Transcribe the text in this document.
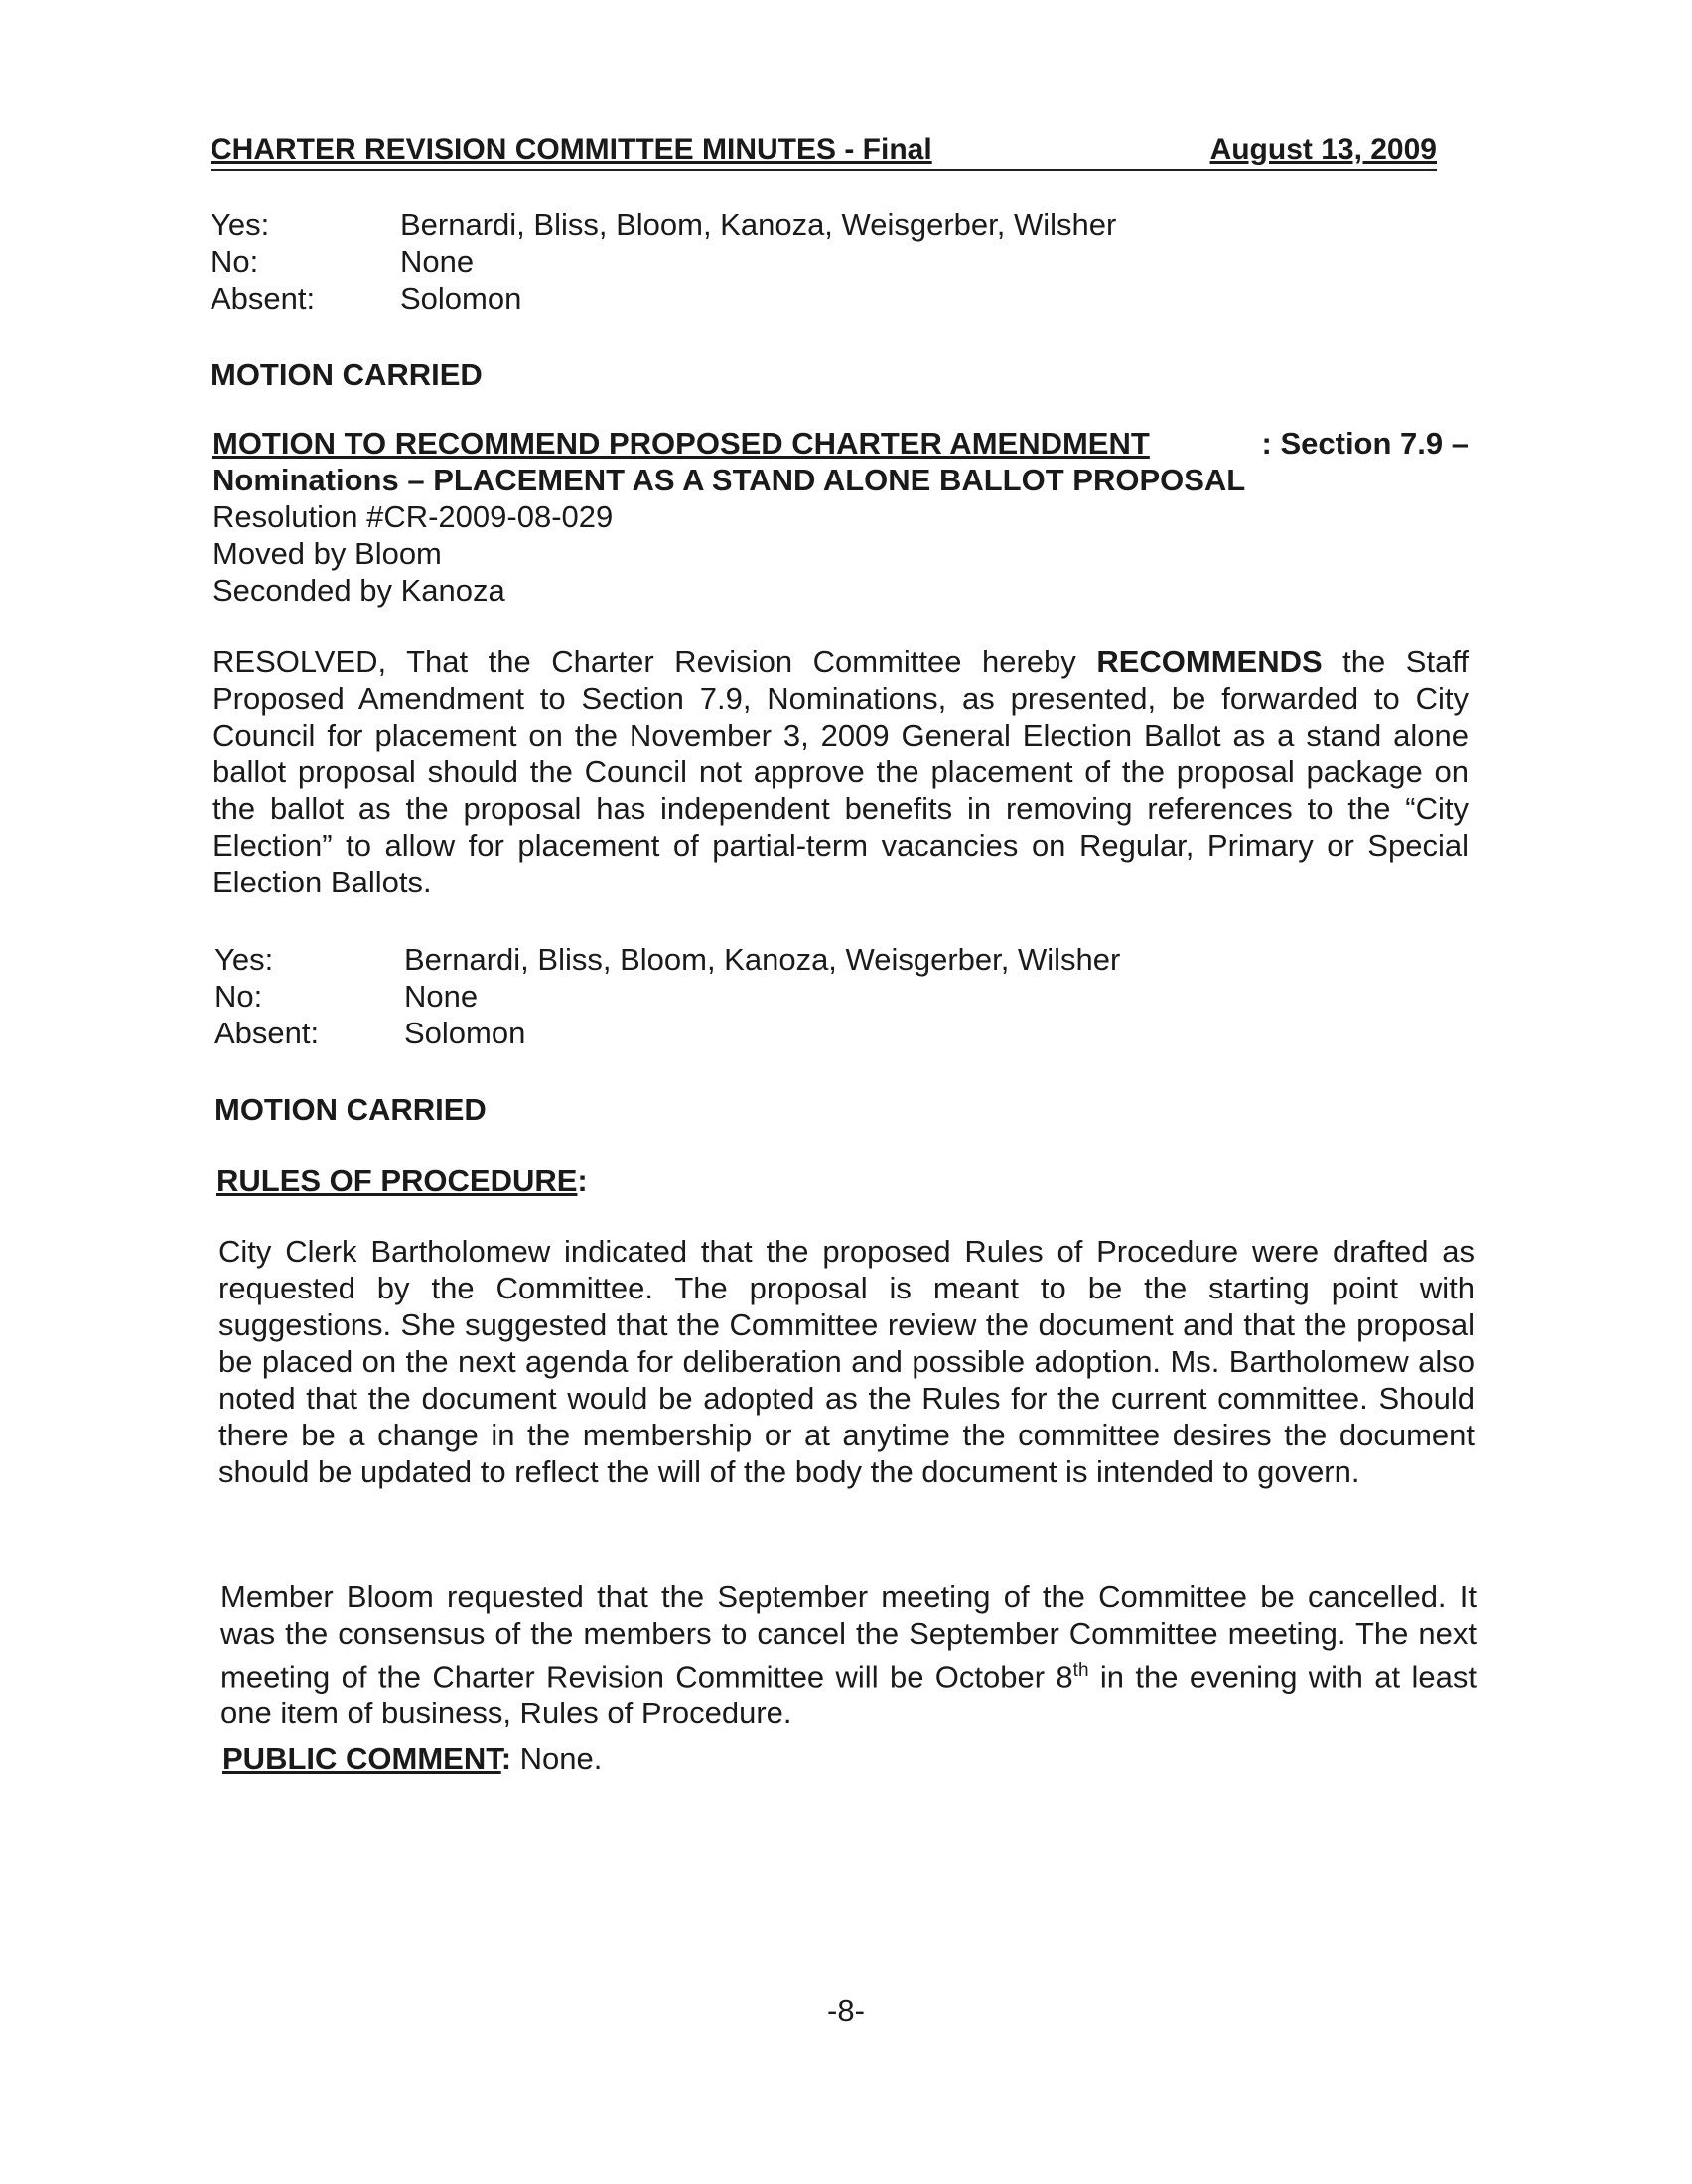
CHARTER REVISION COMMITTEE MINUTES - Final	August 13, 2009
Yes:	Bernardi, Bliss, Bloom, Kanoza, Weisgerber, Wilsher
No:	None
Absent:	Solomon
MOTION CARRIED
MOTION TO RECOMMEND PROPOSED CHARTER AMENDMENT	: Section 7.9 –
Nominations – PLACEMENT AS A STAND ALONE BALLOT PROPOSAL
Resolution #CR-2009-08-029
Moved by Bloom
Seconded by Kanoza
RESOLVED, That the Charter Revision Committee hereby RECOMMENDS the Staff Proposed Amendment to Section 7.9, Nominations, as presented, be forwarded to City Council for placement on the November 3, 2009 General Election Ballot as a stand alone ballot proposal should the Council not approve the placement of the proposal package on the ballot as the proposal has independent benefits in removing references to the “City Election” to allow for placement of partial-term vacancies on Regular, Primary or Special Election Ballots.
Yes:	Bernardi, Bliss, Bloom, Kanoza, Weisgerber, Wilsher
No:	None
Absent:	Solomon
MOTION CARRIED
RULES OF PROCEDURE:
City Clerk Bartholomew indicated that the proposed Rules of Procedure were drafted as requested by the Committee. The proposal is meant to be the starting point with suggestions. She suggested that the Committee review the document and that the proposal be placed on the next agenda for deliberation and possible adoption. Ms. Bartholomew also noted that the document would be adopted as the Rules for the current committee. Should there be a change in the membership or at anytime the committee desires the document should be updated to reflect the will of the body the document is intended to govern.
Member Bloom requested that the September meeting of the Committee be cancelled. It was the consensus of the members to cancel the September Committee meeting. The next meeting of the Charter Revision Committee will be October 8th in the evening with at least one item of business, Rules of Procedure.
PUBLIC COMMENT: None.
-8-
